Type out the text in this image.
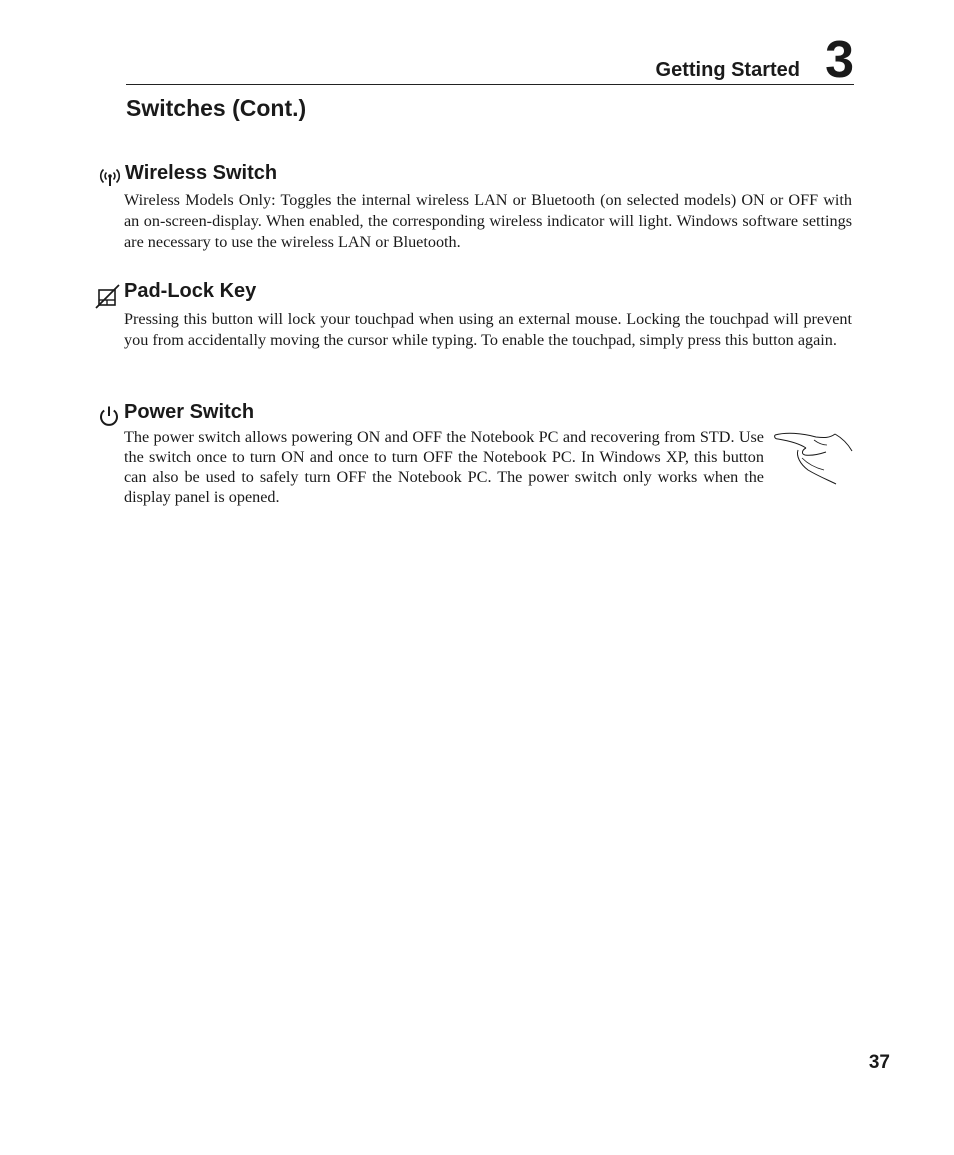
Getting Started 3
Switches (Cont.)
Wireless Switch

Wireless Models Only: Toggles the internal wireless LAN or Bluetooth (on selected models) ON or OFF with an on-screen-display. When enabled, the corresponding wireless indicator will light. Windows software settings are necessary to use the wireless LAN or Bluetooth.

Pad-Lock Key

Pressing this button will lock your touchpad when using an external mouse. Locking the touchpad will prevent you from accidentally moving the cursor while typing. To enable the touchpad, simply press this button again.

Power Switch

The power switch allows powering ON and OFF the Notebook PC and recovering from STD. Use the switch once to turn ON and once to turn OFF the Notebook PC. In Windows XP, this button can also be used to safely turn OFF the Notebook PC. The power switch only works when the display panel is opened.

37
